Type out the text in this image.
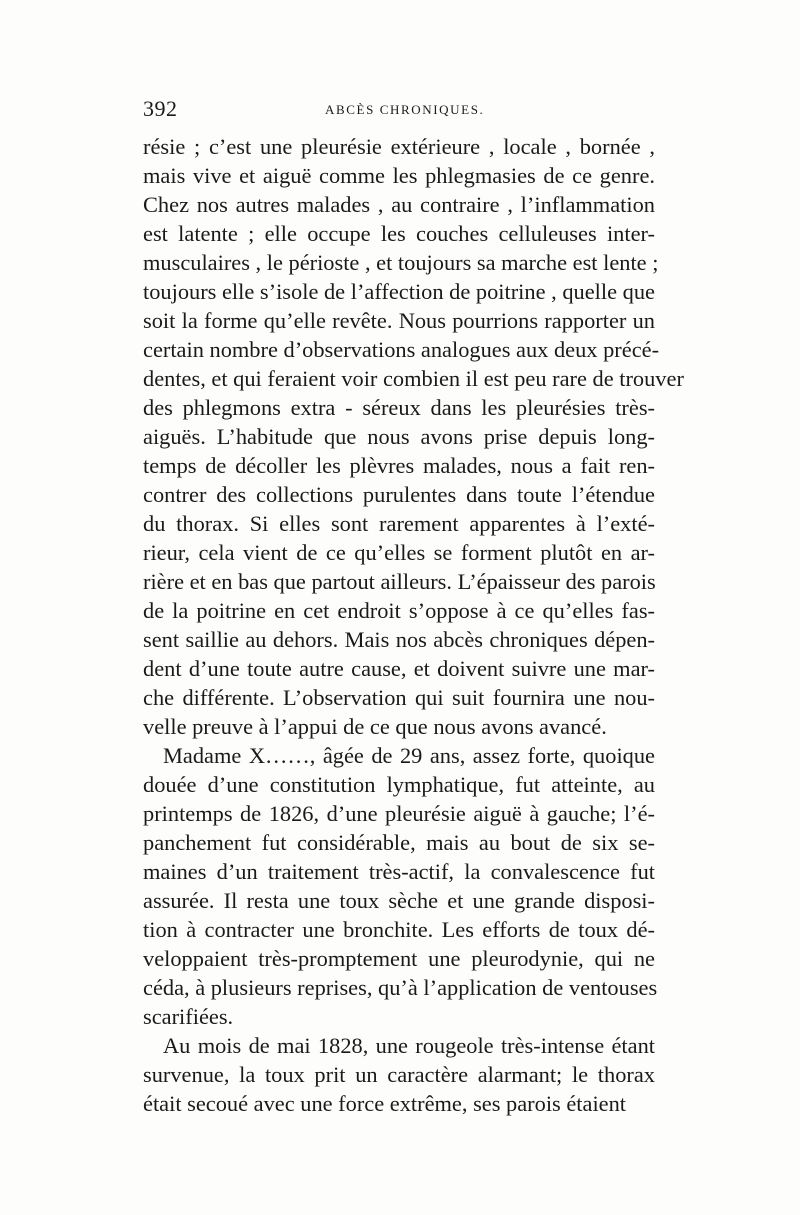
392	ABCÈS CHRONIQUES.
résie ; c’est une pleurésie extérieure , locale , bornée ,
mais vive et aiguë comme les phlegmasies de ce genre.
Chez nos autres malades , au contraire , l’inflammation
est latente ; elle occupe les couches celluleuses inter-
musculaires , le périoste , et toujours sa marche est lente ;
toujours elle s’isole de l’affection de poitrine , quelle que
soit la forme qu’elle revête. Nous pourrions rapporter un
certain nombre d’observations analogues aux deux précé-
dentes, et qui feraient voir combien il est peu rare de trouver
des phlegmons extra - séreux dans les pleurésies très-
aiguës. L’habitude que nous avons prise depuis long-
temps de décoller les plèvres malades, nous a fait ren-
contrer des collections purulentes dans toute l’étendue
du thorax. Si elles sont rarement apparentes à l’exté-
rieur, cela vient de ce qu’elles se forment plutôt en ar-
rière et en bas que partout ailleurs. L’épaisseur des parois
de la poitrine en cet endroit s’oppose à ce qu’elles fas-
sent saillie au dehors. Mais nos abcès chroniques dépen-
dent d’une toute autre cause, et doivent suivre une mar-
che différente. L’observation qui suit fournira une nou-
velle preuve à l’appui de ce que nous avons avancé.
Madame X……, âgée de 29 ans, assez forte, quoique
douée d’une constitution lymphatique, fut atteinte, au
printemps de 1826, d’une pleurésie aiguë à gauche; l’é-
panchement fut considérable, mais au bout de six se-
maines d’un traitement très-actif, la convalescence fut
assurée. Il resta une toux sèche et une grande disposi-
tion à contracter une bronchite. Les efforts de toux dé-
veloppaient très-promptement une pleurodynie, qui ne
céda, à plusieurs reprises, qu’à l’application de ventouses
scarifiées.
Au mois de mai 1828, une rougeole très-intense étant
survenue, la toux prit un caractère alarmant; le thorax
était secoué avec une force extrême, ses parois étaient
